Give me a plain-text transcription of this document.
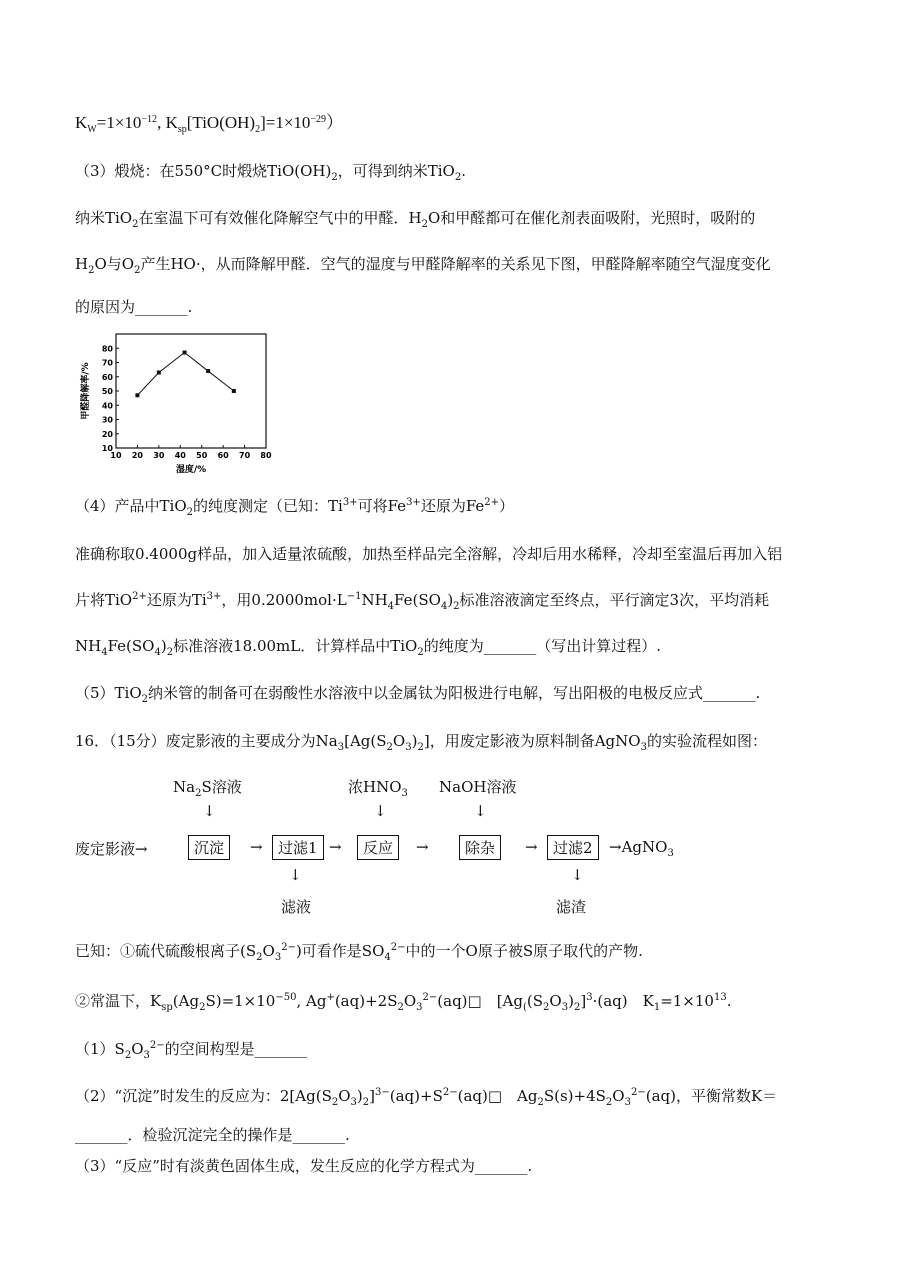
$K_W=1\times 10^{-12}$, $K_{sp}[TiO(OH)_2]=1\times 10^{-29}$）
（3）煅烧：在550°C时煅烧$TiO(OH)_2$，可得到纳米TiO$_2$.
纳米TiO$_2$在室温下可有效催化降解空气中的甲醛．$H_2O$和甲醛都可在催化剂表面吸附，光照时，吸附的
$H_2O$与$O_2$产生HO·，从而降解甲醛．空气的湿度与甲醛降解率的关系见下图，甲醛降解率随空气湿度变化
的原因为_______.
10 20 30 40 50 60 70 80
10
20
30
40
50
60
70
80
湿度/%
甲醛降解率/%
（4）产品中TiO$_2$的纯度测定（已知：$Ti^{3+}$可将$Fe^{3+}$还原为$Fe^{2+}$）
准确称取0.4000g样品，加入适量浓硫酸，加热至样品完全溶解，冷却后用水稀释，冷却至室温后再加入铝
片将TiO$^{2+}$还原为$Ti^{3+}$，用$0.2000mol\cdot L^{-1}NH_4Fe(SO_4)_2$标准溶液滴定至终点，平行滴定3次，平均消耗
$NH_4Fe(SO_4)_2$标准溶液18.00mL．计算样品中TiO$_2$的纯度为_______（写出计算过程）.
（5）TiO$_2$纳米管的制备可在弱酸性水溶液中以金属钛为阳极进行电解，写出阳极的电极反应式_______.
16．（15分）废定影液的主要成分为$Na_3[Ag(S_2O_3)_2]$，用废定影液为原料制备AgNO$_3$的实验流程如图：
$Na_2S$溶液	浓$HNO_3$ NaOH溶液
↓	↓	↓
废定影液→	沉淀	→	过滤1 →	反应	→	除杂	→	过滤2	→AgNO$_3$
↓	↓
滤液	滤渣
已知：①硫代硫酸根离子$(S_2O_3^{2-})$可看作是$SO_4^{2-}$中的一个O原子被S原子取代的产物.
②常温下，$K_{sp}(Ag_2S)=1\times 10^{-50}$, $Ag^+(aq)+2S_2O_3^{2-}(aq)□$　$[Ag_((S_2O_3)_2]^3\cdot(aq)$　$K_1=1\times 10^{13}$.
$(1)S_2O_3^{2-}$的空间构型是_______
（2）“沉淀”时发生的反应为：$2[Ag(S_2O_3)_2]^{3-}(aq)+S^{2-}(aq)□$　$Ag_2S(s)+4S_2O_3^{2-}(aq)$，平衡常数K＝
_______．检验沉淀完全的操作是_______.
（3）“反应”时有淡黄色固体生成，发生反应的化学方程式为_______.
